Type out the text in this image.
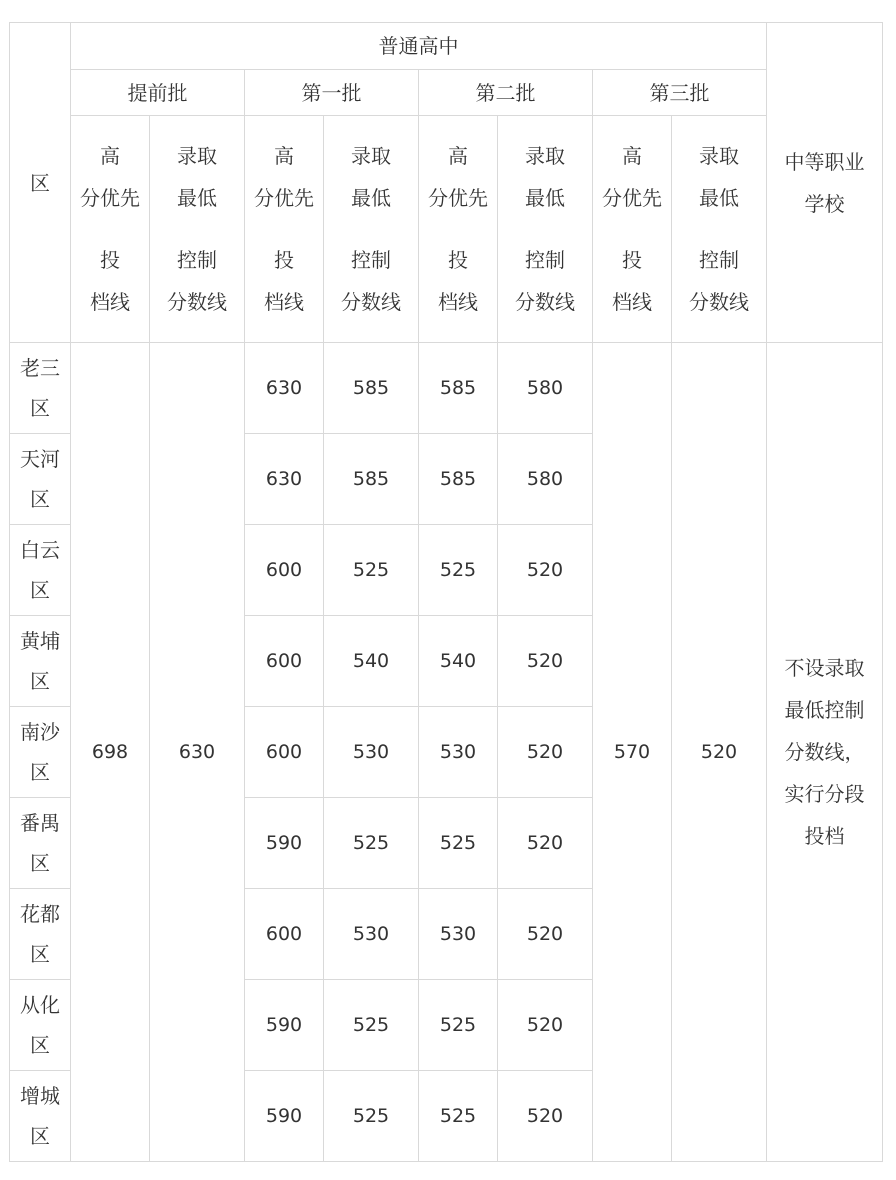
区	普通高中								中等职业
学校
	提前批		第一批		第二批		第三批		

	高
分优先
投
档线	录取
最低
控制
分数线	高
分优先
投
档线	录取
最低
控制
分数线	高
分优先
投
档线	录取
最低
控制
分数线	高
分优先
投
档线	录取
最低
控制
分数线	

老三
区	698	630	630	585	585	580	570	520	不设录取
最低控制
分数线，
实行分段
投档
天河
区			630	585	585	580			
白云
区			600	525	525	520			
黄埔
区			600	540	540	520			
南沙
区			600	530	530	520			
番禺
区			590	525	525	520			
花都
区			600	530	530	520			
从化
区			590	525	525	520			
增城
区			590	525	525	520			
